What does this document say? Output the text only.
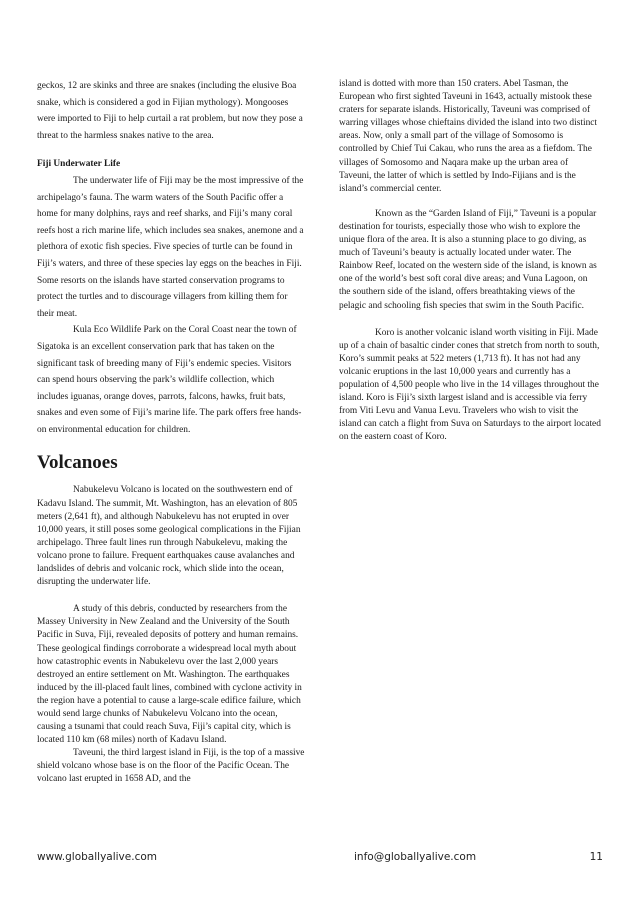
geckos, 12 are skinks and three are snakes (including the elusive Boa snake, which is considered a god in Fijian mythology). Mongooses were imported to Fiji to help curtail a rat problem, but now they pose a threat to the harmless snakes native to the area.

Fiji Underwater Life

The underwater life of Fiji may be the most impressive of the archipelago’s fauna. The warm waters of the South Pacific offer a home for many dolphins, rays and reef sharks, and Fiji’s many coral reefs host a rich marine life, which includes sea snakes, anemone and a plethora of exotic fish species. Five species of turtle can be found in Fiji’s waters, and three of these species lay eggs on the beaches in Fiji. Some resorts on the islands have started conservation programs to protect the turtles and to discourage villagers from killing them for their meat.

Kula Eco Wildlife Park on the Coral Coast near the town of Sigatoka is an excellent conservation park that has taken on the significant task of breeding many of Fiji’s endemic species. Visitors can spend hours observing the park’s wildlife collection, which includes iguanas, orange doves, parrots, falcons, hawks, fruit bats, snakes and even some of Fiji’s marine life. The park offers free hands-on environmental education for children.

Volcanoes

Nabukelevu Volcano is located on the southwestern end of Kadavu Island. The summit, Mt. Washington, has an elevation of 805 meters (2,641 ft), and although Nabukelevu has not erupted in over 10,000 years, it still poses some geological complications in the Fijian archipelago. Three fault lines run through Nabukelevu, making the volcano prone to failure. Frequent earthquakes cause avalanches and landslides of debris and volcanic rock, which slide into the ocean, disrupting the underwater life.

A study of this debris, conducted by researchers from the Massey University in New Zealand and the University of the South Pacific in Suva, Fiji, revealed deposits of pottery and human remains. These geological findings corroborate a widespread local myth about how catastrophic events in Nabukelevu over the last 2,000 years destroyed an entire settlement on Mt. Washington. The earthquakes induced by the ill-placed fault lines, combined with cyclone activity in the region have a potential to cause a large-scale edifice failure, which would send large chunks of Nabukelevu Volcano into the ocean, causing a tsunami that could reach Suva, Fiji’s capital city, which is located 110 km (68 miles) north of Kadavu Island.

Taveuni, the third largest island in Fiji, is the top of a massive shield volcano whose base is on the floor of the Pacific Ocean. The volcano last erupted in 1658 AD, and the

island is dotted with more than 150 craters. Abel Tasman, the European who first sighted Taveuni in 1643, actually mistook these craters for separate islands. Historically, Taveuni was comprised of warring villages whose chieftains divided the island into two distinct areas. Now, only a small part of the village of Somosomo is controlled by Chief Tui Cakau, who runs the area as a fiefdom. The villages of Somosomo and Naqara make up the urban area of Taveuni, the latter of which is settled by Indo-Fijians and is the island’s commercial center.

Known as the “Garden Island of Fiji,” Taveuni is a popular destination for tourists, especially those who wish to explore the unique flora of the area. It is also a stunning place to go diving, as much of Taveuni’s beauty is actually located under water. The Rainbow Reef, located on the western side of the island, is known as one of the world’s best soft coral dive areas; and Vuna Lagoon, on the southern side of the island, offers breathtaking views of the pelagic and schooling fish species that swim in the South Pacific.

Koro is another volcanic island worth visiting in Fiji. Made up of a chain of basaltic cinder cones that stretch from north to south, Koro’s summit peaks at 522 meters (1,713 ft). It has not had any volcanic eruptions in the last 10,000 years and currently has a population of 4,500 people who live in the 14 villages throughout the island. Koro is Fiji’s sixth largest island and is accessible via ferry from Viti Levu and Vanua Levu. Travelers who wish to visit the island can catch a flight from Suva on Saturdays to the airport located on the eastern coast of Koro.

www.globallyalive.com	info@globallyalive.com	11
